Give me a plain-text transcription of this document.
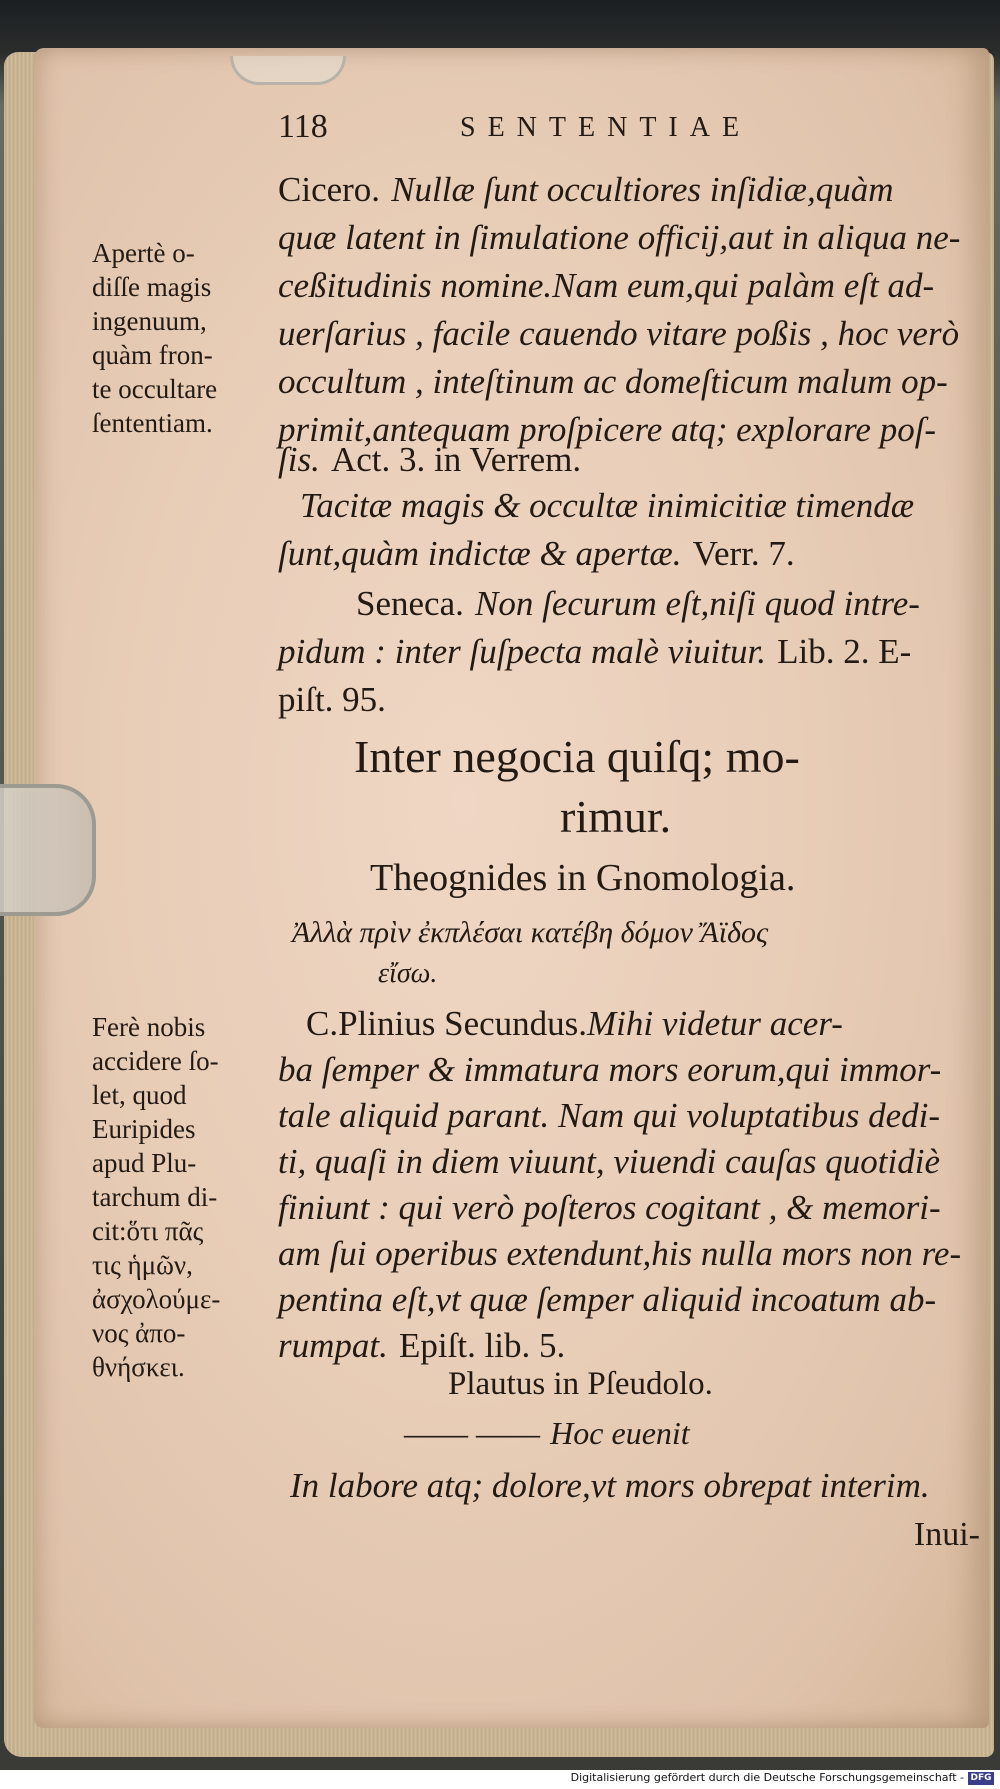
118	SENTENTIAE
Apertè o-
diſſe magis
ingenuum,
quàm fron-
te occultare
ſententiam.
Cicero. Nullæ ſunt occultiores inſidiæ,quàm
quæ latent in ſimulatione officij,aut in aliqua ne-
ceßitudinis nomine.Nam eum,qui palàm eſt ad-
uerſarius , facile cauendo vitare poßis , hoc verò
occultum , inteſtinum ac domeſticum malum op-
primit,antequam proſpicere atq; explorare poſ-
ſis. Act. 3. in Verrem.
Tacitæ magis & occultæ inimicitiæ timendæ
ſunt,quàm indictæ & apertæ. Verr. 7.
Seneca. Non ſecurum eſt,niſi quod intre-
pidum : inter ſuſpecta malè viuitur. Lib. 2. E-
piſt. 95.
Inter negocia quiſq; mo-
rimur.
Theognides in Gnomologia.
Ἀλλὰ πρὶν ἐκπλέσαι κατέβη δόμον Ἄϊδος
εἴσω.
Ferè nobis
accidere ſo-
let, quod
Euripides
apud Plu-
tarchum di-
cit:ὅτι πᾶς
τις ἡμῶν,
ἀσχολούμε-
νος ἀπο-
θνήσκει.
C.Plinius Secundus.Mihi videtur acer-
ba ſemper & immatura mors eorum,qui immor-
tale aliquid parant. Nam qui voluptatibus dedi-
ti, quaſi in diem viuunt, viuendi cauſas quotidiè
finiunt : qui verò poſteros cogitant , & memori-
am ſui operibus extendunt,his nulla mors non re-
pentina eſt,vt quæ ſemper aliquid incoatum ab-
rumpat. Epiſt. lib. 5.
Plautus in Pſeudolo.
—— —— Hoc euenit
In labore atq; dolore,vt mors obrepat interim.
Inui-
Digitalisierung gefördert durch die Deutsche Forschungsgemeinschaft - DFG
